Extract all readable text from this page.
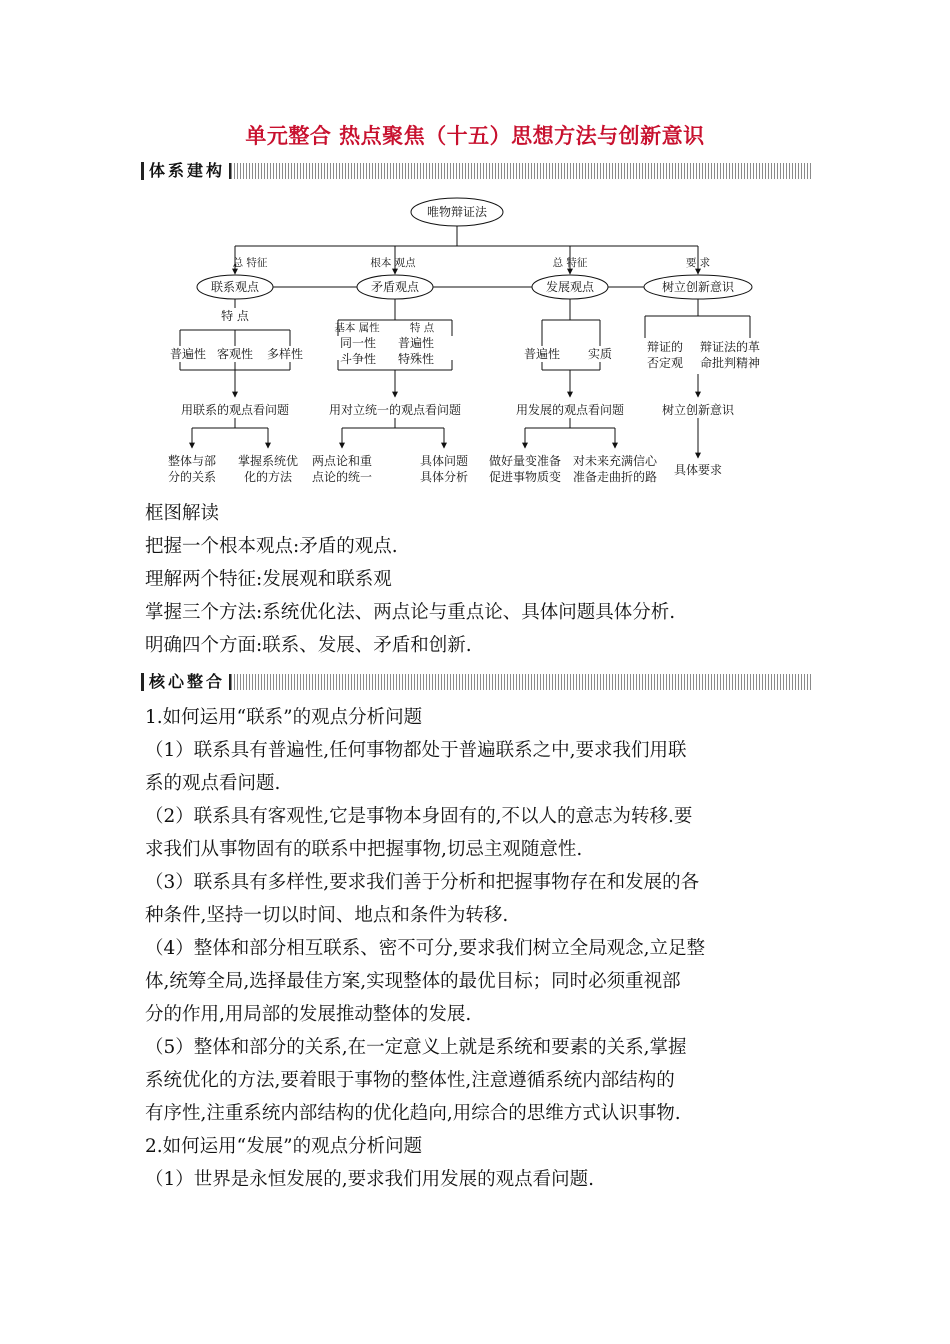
单元整合 热点聚焦（十五）思想方法与创新意识
体系建构
唯物辩证法
总 特征	根本 观点	总 特征	要 求
联系观点	矛盾观点	发展观点	树立创新意识
特 点
普遍性 客观性 多样性
用联系的观点看问题
整体与部
分的关系
掌握系统优
化的方法
基本 属性	特 点
同一性
斗争性
普遍性
特殊性
用对立统一的观点看问题
两点论和重
点论的统一
具体问题
具体分析
普遍性 实质
用发展的观点看问题
做好量变准备
促进事物质变
对未来充满信心
准备走曲折的路
辩证的
否定观
辩证法的革
命批判精神
树立创新意识
具体要求

框图解读

把握一个根本观点:矛盾的观点.

理解两个特征:发展观和联系观

掌握三个方法:系统优化法、两点论与重点论、具体问题具体分析.

明确四个方面:联系、发展、矛盾和创新.

核心整合

1.如何运用“联系”的观点分析问题

（1）联系具有普遍性,任何事物都处于普遍联系之中,要求我们用联

系的观点看问题.

（2）联系具有客观性,它是事物本身固有的,不以人的意志为转移.要

求我们从事物固有的联系中把握事物,切忌主观随意性.

（3）联系具有多样性,要求我们善于分析和把握事物存在和发展的各

种条件,坚持一切以时间、地点和条件为转移.

（4）整体和部分相互联系、密不可分,要求我们树立全局观念,立足整

体,统筹全局,选择最佳方案,实现整体的最优目标；同时必须重视部

分的作用,用局部的发展推动整体的发展.

（5）整体和部分的关系,在一定意义上就是系统和要素的关系,掌握

系统优化的方法,要着眼于事物的整体性,注意遵循系统内部结构的

有序性,注重系统内部结构的优化趋向,用综合的思维方式认识事物.

2.如何运用“发展”的观点分析问题

（1）世界是永恒发展的,要求我们用发展的观点看问题.
